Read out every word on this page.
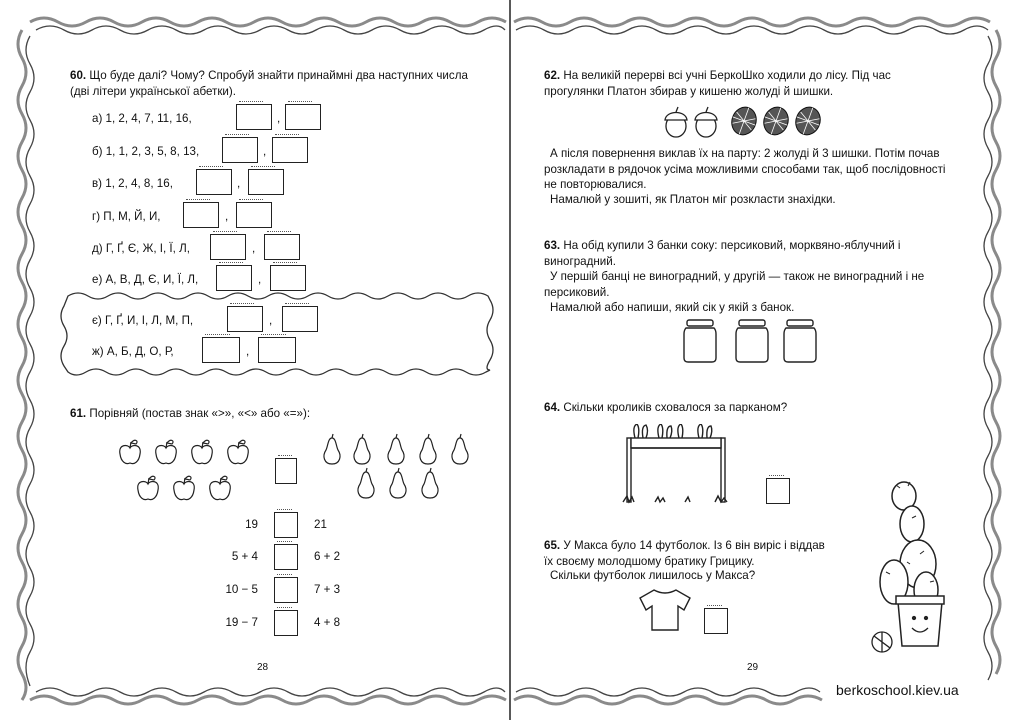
60. Що буде далі? Чому? Спробуй знайти принаймні два наступних числа (дві літери української абетки).
а) 1, 2, 4, 7, 11, 16,	,
б) 1, 1, 2, 3, 5, 8, 13,	,
в) 1, 2, 4, 8, 16,	,
г) П, М, Й, И,	,
д) Г, Ґ, Є, Ж, І, Ї, Л,	,
е) А, В, Д, Є, И, Ї, Л,	,
є) Г, Ґ, И, І, Л, М, П,	,
ж) А, Б, Д, О, Р,	,
61. Порівняй (постав знак «>», «<» або «=»):
19	21
5 + 4	6 + 2
10 − 5	7 + 3
19 − 7	4 + 8
28
62. На великій перерві всі учні БеркоШко ходили до лісу. Під час прогулянки Платон збирав у кишеню жолуді й шишки.
А після повернення виклав їх на парту: 2 жолуді й 3 шишки. Потім почав розкладати в рядочок усіма можливими способами так, щоб послідовності не повторювалися.
Намалюй у зошиті, як Платон міг розкласти знахідки.
63. На обід купили 3 банки соку: персиковий, морквяно-яблучний і виноградний.
У першій банці не виноградний, у другій — також не виноградний і не персиковий.
Намалюй або напиши, який сік у якій з банок.
64. Скільки кроликів сховалося за парканом?
65. У Макса було 14 футболок. Із 6 він виріс і віддав їх своєму молодшому братику Грицику.
Скільки футболок лишилось у Макса?
29
berkoschool.kiev.ua
